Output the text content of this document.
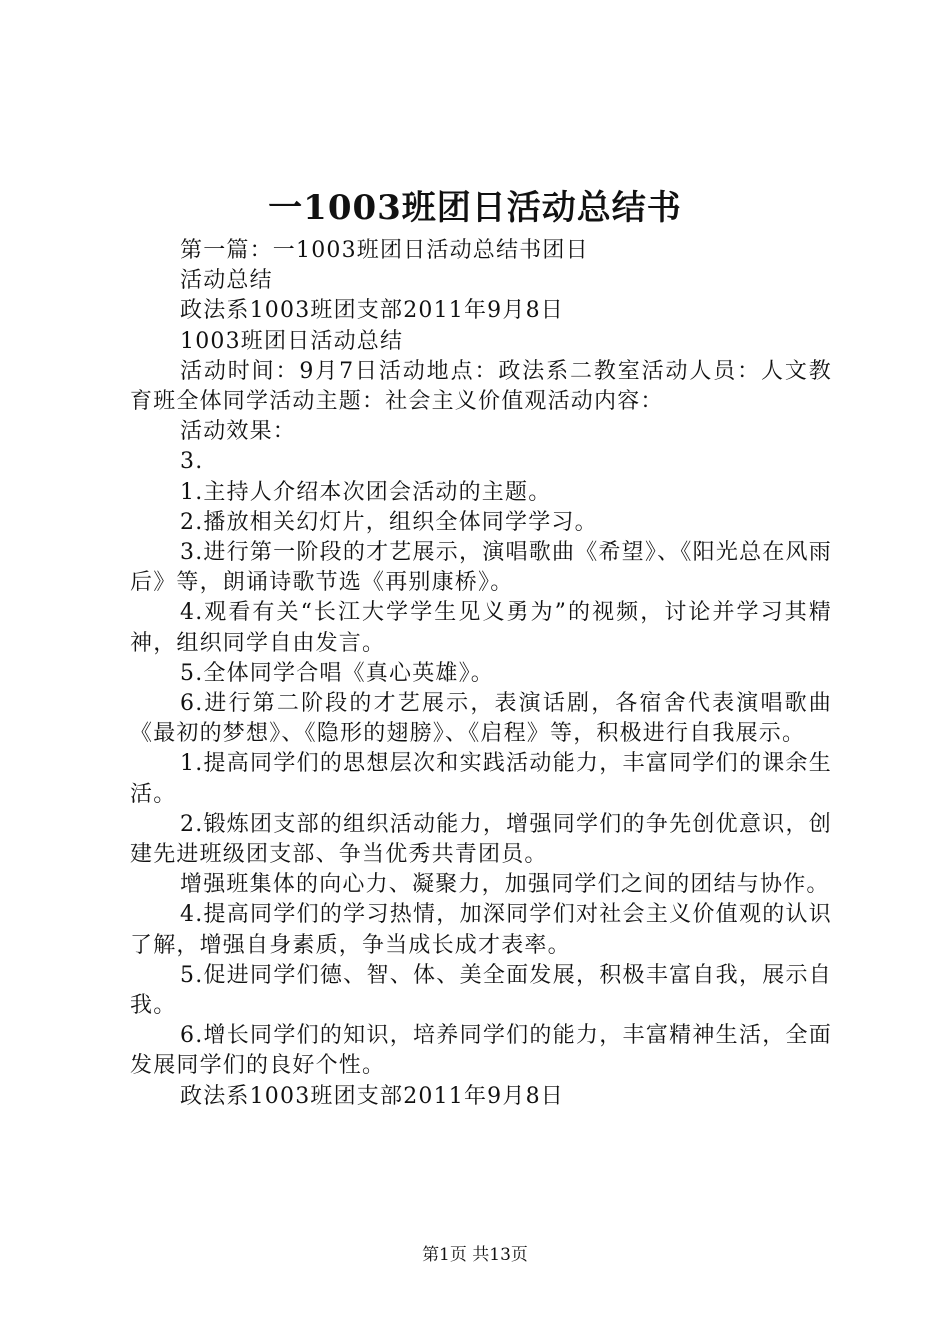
一1003班团日活动总结书

第一篇：一1003班团日活动总结书团日

活动总结

政法系1003班团支部2011年9月8日

1003班团日活动总结

活动时间：9月7日活动地点：政法系二教室活动人员：人文教育班全体同学活动主题：社会主义价值观活动内容：

活动效果：

3.

1.主持人介绍本次团会活动的主题。

2.播放相关幻灯片，组织全体同学学习。

3.进行第一阶段的才艺展示，演唱歌曲《希望》、《阳光总在风雨后》等，朗诵诗歌节选《再别康桥》。

4.观看有关“长江大学学生见义勇为”的视频，讨论并学习其精神，组织同学自由发言。

5.全体同学合唱《真心英雄》。

6.进行第二阶段的才艺展示，表演话剧，各宿舍代表演唱歌曲《最初的梦想》、《隐形的翅膀》、《启程》等，积极进行自我展示。

1.提高同学们的思想层次和实践活动能力，丰富同学们的课余生活。

2.锻炼团支部的组织活动能力，增强同学们的争先创优意识，创建先进班级团支部、争当优秀共青团员。

增强班集体的向心力、凝聚力，加强同学们之间的团结与协作。

4.提高同学们的学习热情，加深同学们对社会主义价值观的认识了解，增强自身素质，争当成长成才表率。

5.促进同学们德、智、体、美全面发展，积极丰富自我，展示自我。

6.增长同学们的知识，培养同学们的能力，丰富精神生活，全面发展同学们的良好个性。

政法系1003班团支部2011年9月8日

第1页 共13页
